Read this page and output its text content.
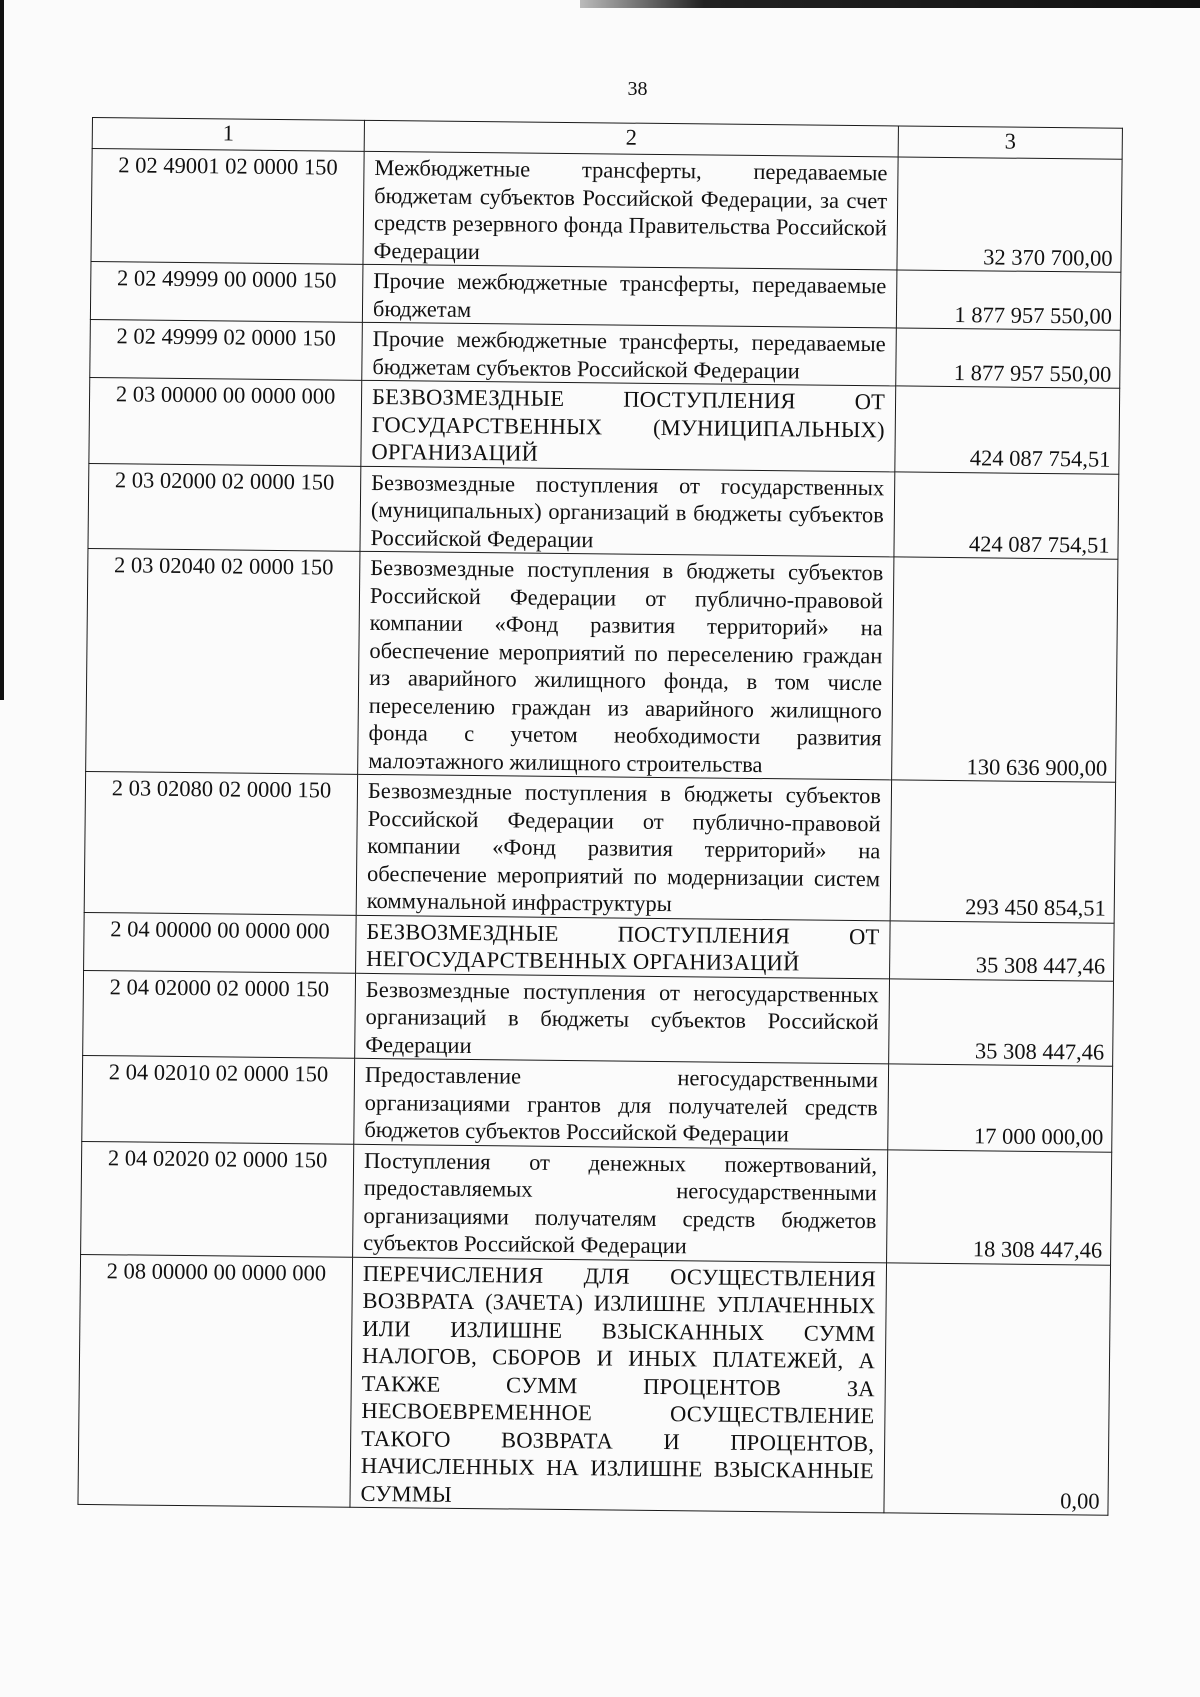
38
1	2	3
2 02 49001 02 0000 150	Межбюджетные трансферты, передаваемые бюджетам субъектов Российской Федерации, за счет средств резервного фонда Правительства Российской Федерации	32 370 700,00
2 02 49999 00 0000 150	Прочие межбюджетные трансферты, передаваемые бюджетам	1 877 957 550,00
2 02 49999 02 0000 150	Прочие межбюджетные трансферты, передаваемые бюджетам субъектов Российской Федерации	1 877 957 550,00
2 03 00000 00 0000 000	БЕЗВОЗМЕЗДНЫЕ ПОСТУПЛЕНИЯ ОТ ГОСУДАРСТВЕННЫХ (МУНИЦИПАЛЬНЫХ) ОРГАНИЗАЦИЙ	424 087 754,51
2 03 02000 02 0000 150	Безвозмездные поступления от государственных (муниципальных) организаций в бюджеты субъектов Российской Федерации	424 087 754,51
2 03 02040 02 0000 150	Безвозмездные поступления в бюджеты субъектов Российской Федерации от публично-правовой компании «Фонд развития территорий» на обеспечение мероприятий по переселению граждан из аварийного жилищного фонда, в том числе переселению граждан из аварийного жилищного фонда с учетом необходимости развития малоэтажного жилищного строительства	130 636 900,00
2 03 02080 02 0000 150	Безвозмездные поступления в бюджеты субъектов Российской Федерации от публично-правовой компании «Фонд развития территорий» на обеспечение мероприятий по модернизации систем коммунальной инфраструктуры	293 450 854,51
2 04 00000 00 0000 000	БЕЗВОЗМЕЗДНЫЕ ПОСТУПЛЕНИЯ ОТ НЕГОСУДАРСТВЕННЫХ ОРГАНИЗАЦИЙ	35 308 447,46
2 04 02000 02 0000 150	Безвозмездные поступления от негосударственных организаций в бюджеты субъектов Российской Федерации	35 308 447,46
2 04 02010 02 0000 150	Предоставление негосударственными организациями грантов для получателей средств бюджетов субъектов Российской Федерации	17 000 000,00
2 04 02020 02 0000 150	Поступления от денежных пожертвований, предоставляемых негосударственными организациями получателям средств бюджетов субъектов Российской Федерации	18 308 447,46
2 08 00000 00 0000 000	ПЕРЕЧИСЛЕНИЯ ДЛЯ ОСУЩЕСТВЛЕНИЯ ВОЗВРАТА (ЗАЧЕТА) ИЗЛИШНЕ УПЛАЧЕННЫХ ИЛИ ИЗЛИШНЕ ВЗЫСКАННЫХ СУММ НАЛОГОВ, СБОРОВ И ИНЫХ ПЛАТЕЖЕЙ, А ТАКЖЕ СУММ ПРОЦЕНТОВ ЗА НЕСВОЕВРЕМЕННОЕ ОСУЩЕСТВЛЕНИЕ ТАКОГО ВОЗВРАТА И ПРОЦЕНТОВ, НАЧИСЛЕННЫХ НА ИЗЛИШНЕ ВЗЫСКАННЫЕ СУММЫ	0,00
